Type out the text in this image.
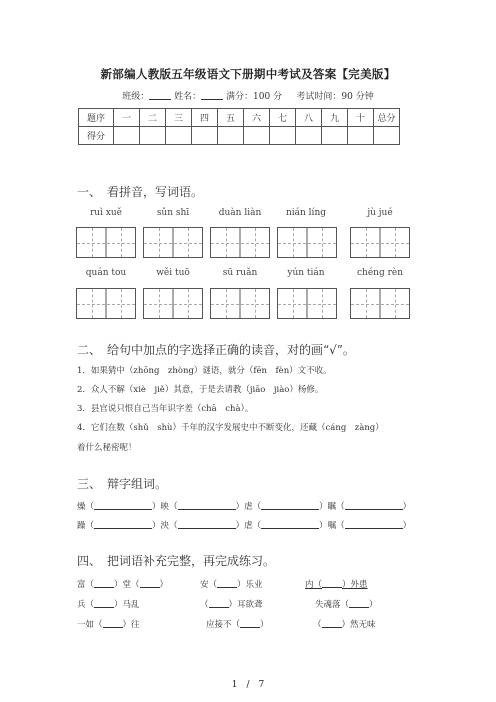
新部编人教版五年级语文下册期中考试及答案【完美版】
班级：	姓名：	满分：100 分 考试时间：90 分钟
题序	一	二	三	四	五	六	七	八	九	十	总分
得分											
一、　看拼音，写词语。
ruì xuě	sǔn shī	duàn liàn	nián líng	jù jué
quán tou	wěi tuō	sū ruǎn	yún tián	chéng rèn
二、　给句中加点的字选择正确的读音，对的画“√”。
1．如果猜中（zhōng　zhòng）谜语，就分（fēn　fèn）文不收。
2．众人不解（xiè　jiě）其意，于是去请教（jiāo　jiào）杨修。
3．县官说只恨自己当年识字差（chā　chà）。
4．它们在数（shǔ　shù）千年的汉字发展史中不断变化，还藏（cáng　zàng）
着什么秘密呢！
三、　辩字组词。
燥（	）映（	）虐（	）瞩（	）
躁（	）泱（	）虐（	）嘱（	）
四、　把词语补充完整，再完成练习。
富（ ）堂（ ）	安（ ）乐业	内（ ）外患
兵（ ）马乱	（ ）耳欲聋	失魂落（ ）
一如（ ）往	应接不（ ）	（ ）然无味
1　/　7
